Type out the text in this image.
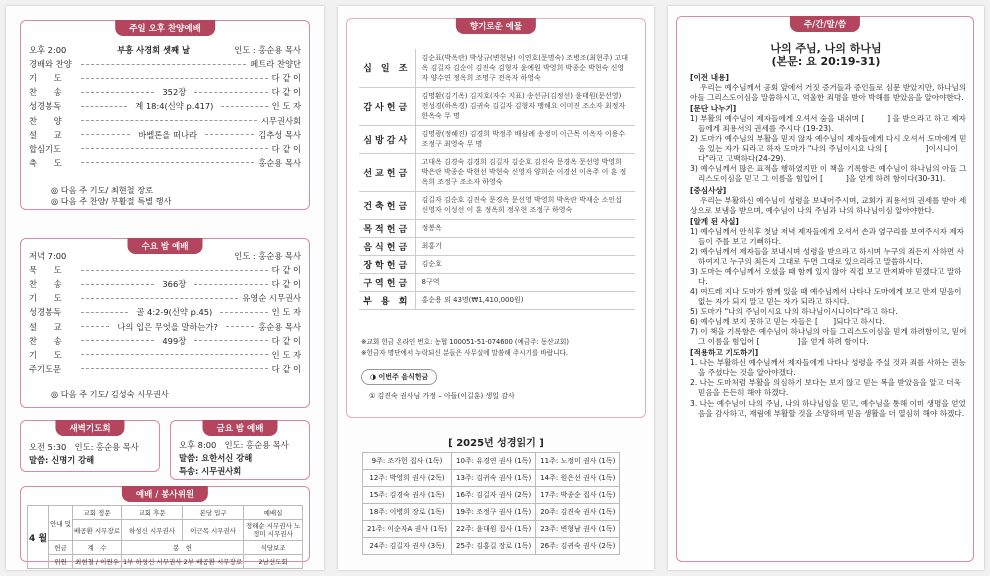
주일 오후 찬양예배
오후 2:00	부흥 사경회 셋째 날	인도 : 홍순용 목사
경배와 찬양	페트라 찬양단
기　　도	다 같 이
찬　　송	352장	다 같 이
성경봉독	계 18:4(신약 p.417)	인 도 자
찬　　양	시무권사회
설　　교	바벨론을 떠나라	김추성 목사
합심기도	다 같 이
축　　도	홍순용 목사
◎ 다음 주 기도/ 최현철 장로
◎ 다음 주 찬양/ 부활절 특별 행사
수요 밤 예배
저녁 7:00	인도 : 홍순용 목사
묵　　도	다 같 이
찬　　송	366장	다 같 이
기　　도	유영순 시무권사
성경봉독	골 4:2-9(신약 p.45)	인 도 자
설　　교	나의 입은 무엇을 말하는가?	홍순용 목사
찬　　송	499장	다 같 이
기　　도	인 도 자
주기도문	다 같 이
◎ 다음 주 기도/ 김성숙 시무권사
새벽기도회
오전 5:30　인도: 홍순용 목사
말씀: 신명기 강해
금요 밤 예배
오후 8:00　인도: 홍순용 목사
말씀: 요한서신 강해
특송: 시무권사회
예배 / 봉사위원
4 월	안내 및	교회 정문	교회 후문	본당 입구	예배실
		배공환 시무장로	하성신 시무권사	이근목 시무권사	정해순 시무권사 노정미 시무권사
	헌금	계　수	봉　헌		식당보조
	위원	최현철 / 이원우	1부 하성신 시무권사 2부 배공환 시무장로		2남선도회
향기로운 예물
십 일 조	김순표(박옥란) 박상규(변현남) 이연호(문명숙) 조병조(최현주) 고대옥 김길자 김순이 김진숙 김형자 윤예원 박영희 박종순 박현숙 신영자 양수연 정옥희 조명구 전옥자 하영숙
감사헌금	김명환(김기옥) 김지호(자수 지표) 송선규(김정선) 윤태원(문선영) 전성경(하옥경) 김귀숙 김길자 김형자 맹해요 이미진 조소자 최정자 한옥숙 무 명
심방감사	김명광(정혜진) 김경희 박정주 배삼례 송정미 이근목 이옥자 이용수 조정구 최영숙 무 명
선교헌금	고대옥 김경숙 김경희 김길자 김순호 김진숙 문경옥 문선영 박영희 박은란 박종순 박현선 박현숙 신영자 양희순 이경선 이옥주 이 훈 정옥희 조정구 조소자 하영숙
건축헌금	김길자 김순호 김진숙 문경옥 문선영 박영희 박옥란 박재순 소인섭 신영자 이성선 이 훈 정옥희 정우현 조정구 하영숙
목적헌금	정봉옥
음식헌금	최홍기
장학헌금	김순호
구역헌금	8구역
부 용 회	홍순용 외 43명(₩1,410,000원)
※교회 헌금 온라인 번호: 농협 100051-51-074600 (예금주: 동산교회)
※헌금자 명단에서 누락되신 분들은 사무실에 말씀해 주시기를 바랍니다.
◑ 이번주 음식헌금
① 김진숙 권사님 가정 – 아들(이길훈) 생일 감사
[ 2025년 성경읽기 ]
9주: 조가헌 집사 (1독)	10주: 유경연 권사 (1독)	11주: 노정미 권사 (1독)
12주: 박영희 권사 (2독)	13주: 김귀숙 권사 (1독)	14주: 원은선 권사 (1독)
15주: 김경숙 권사 (1독)	16주: 김길자 권사 (2독)	17주: 박종순 집사 (1독)
18주: 이병희 장로 (1독)	19주: 조정구 권사 (1독)	20주: 김진숙 권사 (1독)
21주: 이순자A 권사 (1독)	22주: 윤대원 집사 (1독)	23주: 변형남 권사 (1독)
24주: 김길자 권사 (3독)	25주: 김홍길 장로 (1독)	26주: 김귀숙 권사 (2독)
주/간/말/씀
나의 주님, 나의 하나님
(본문: 요 20:19-31)
[이전 내용]
우리는 예수님께서 공회 앞에서 거짓 증거들과 증인들로 심문 받았지만, 하나님의 아들 그리스도이심을 말씀하시고, 억울한 죄명을 받아 박해를 받았음을 알아야한다.
[문단 나누기]
1) 부활의 예수님이 제자들에게 오셔서 숨을 내쉬며 [　　　] 을 받으라고 하고 제자들에게 죄용서의 권세를 주시다 (19-23).
2) 도마가 예수님의 부활을 믿지 않자 예수님이 제자들에게 다시 오셔서 도마에게 믿음 있는 자가 되라고 하자 도마가 "나의 주님이시요 나의 [　　　　　]이시니이다"라고 고백하다(24-29).
3) 예수님께서 많은 표적을 행하였지만 이 책을 기록함은 예수님이 하나님의 아들 그리스도이심을 믿고 그 이름을 힘입어 [　　　]을 얻게 하려 함이다(30-31).
[중심사상]
우리는 부활하신 예수님이 성령을 보내어주시며, 교회가 죄용서의 권세를 받아 세상으로 보냄을 받으며, 예수님이 나의 주님과 나의 하나님이심 알아야한다.
[알게 된 사실]
1) 예수님께서 안식후 첫날 저녁 제자들에게 오셔서 손과 옆구리를 보여주시자 제자들이 주를 보고 기뻐하다.
2) 예수님께서 제자들을 보내시며 성령을 받으라고 하시며 누구의 죄든지 사하면 사하여지고 누구의 죄든지 그대로 두면 그대로 있으리라고 말씀하시다.
3) 도마는 예수님께서 오셨을 때 함께 있지 않아 직접 보고 만져봐야 믿겠다고 말하다.
4) 여드레 지나 도마가 함께 있을 때 예수님께서 나타나 도마에게 보고 만져 믿음이 없는 자가 되지 말고 믿는 자가 되라고 하시다.
5) 도마가 "나의 주님이시요 나의 하나님이시니이다"라고 하다.
6) 예수님께 보지 못하고 믿는 자들은 [　　]되다고 하시다.
7) 이 책을 기록함은 예수님이 하나님의 아들 그리스도이심을 믿게 하려함이고, 믿어 그 이름을 힘입어 [　　　　　]을 얻게 하려 함이다.
[적용하고 기도하기]
1. 나는 부활하신 예수님께서 제자들에게 나타나 성령을 주실 것과 죄를 사하는 권능을 주셨다는 것을 알아야겠다.
2. 나는 도마처럼 부활을 의심하기 보다는 보지 않고 믿는 복을 받았음을 알고 더욱 믿음을 든든히 해야 하겠다.
3. 나는 예수님이 나의 주님, 나의 하나님임을 믿고, 예수님을 통해 이미 생명을 얻었음을 감사하고, 재림에 부활할 것을 소망하며 믿음 생활을 더 열심히 해야 하겠다.
